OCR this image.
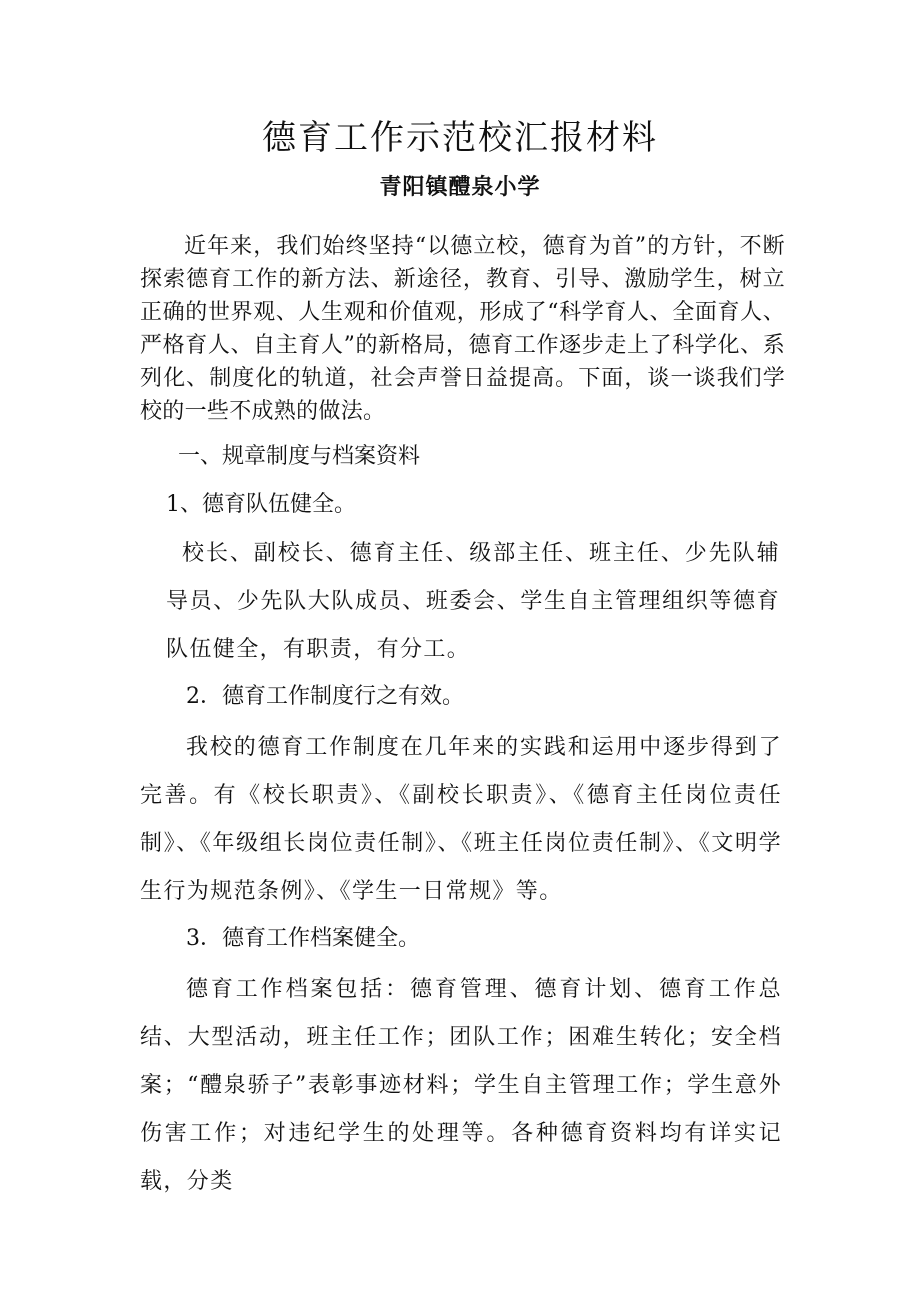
德育工作示范校汇报材料
青阳镇醴泉小学

近年来，我们始终坚持“以德立校，德育为首”的方针，不断探索德育工作的新方法、新途径，教育、引导、激励学生，树立正确的世界观、人生观和价值观，形成了“科学育人、全面育人、严格育人、自主育人”的新格局，德育工作逐步走上了科学化、系列化、制度化的轨道，社会声誉日益提高。下面，谈一谈我们学校的一些不成熟的做法。

一、规章制度与档案资料
1、德育队伍健全。

校长、副校长、德育主任、级部主任、班主任、少先队辅导员、少先队大队成员、班委会、学生自主管理组织等德育队伍健全，有职责，有分工。

2．德育工作制度行之有效。

我校的德育工作制度在几年来的实践和运用中逐步得到了完善。有《校长职责》、《副校长职责》、《德育主任岗位责任制》、《年级组长岗位责任制》、《班主任岗位责任制》、《文明学生行为规范条例》、《学生一日常规》等。

3．德育工作档案健全。

德育工作档案包括：德育管理、德育计划、德育工作总结、大型活动，班主任工作；团队工作；困难生转化；安全档案；“醴泉骄子”表彰事迹材料；学生自主管理工作；学生意外伤害工作；对违纪学生的处理等。各种德育资料均有详实记载，分类
